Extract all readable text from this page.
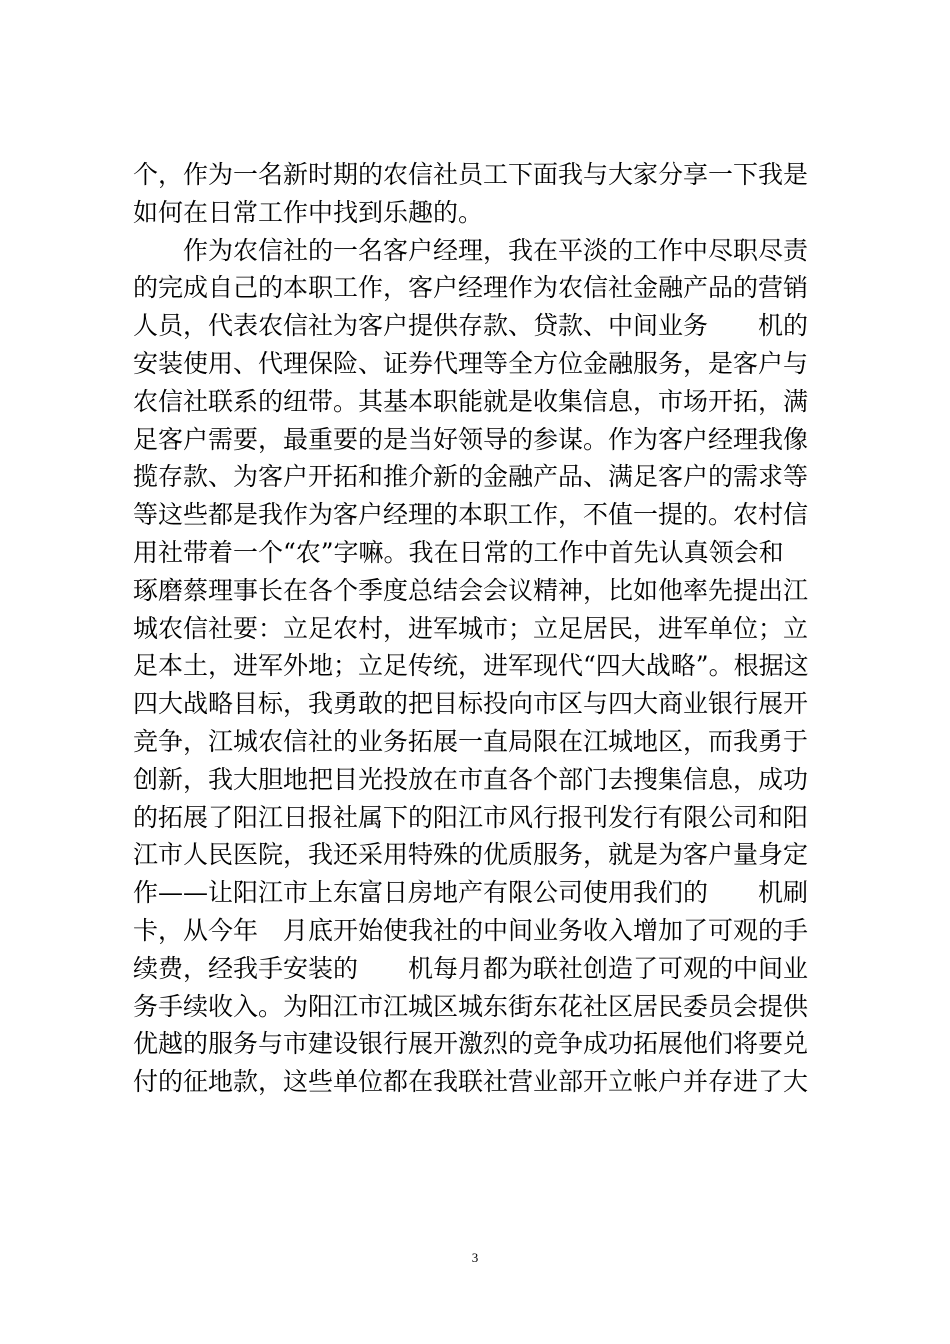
个，作为一名新时期的农信社员工下面我与大家分享一下我是
如何在日常工作中找到乐趣的。
　　作为农信社的一名客户经理，我在平淡的工作中尽职尽责
的完成自己的本职工作，客户经理作为农信社金融产品的营销
人员，代表农信社为客户提供存款、贷款、中间业务　　机的
安装使用、代理保险、证券代理等全方位金融服务，是客户与
农信社联系的纽带。其基本职能就是收集信息，市场开拓，满
足客户需要，最重要的是当好领导的参谋。作为客户经理我像
揽存款、为客户开拓和推介新的金融产品、满足客户的需求等
等这些都是我作为客户经理的本职工作，不值一提的。农村信
用社带着一个“农”字嘛。我在日常的工作中首先认真领会和
琢磨蔡理事长在各个季度总结会会议精神，比如他率先提出江
城农信社要：立足农村，进军城市；立足居民，进军单位；立
足本土，进军外地；立足传统，进军现代“四大战略”。根据这
四大战略目标，我勇敢的把目标投向市区与四大商业银行展开
竞争，江城农信社的业务拓展一直局限在江城地区，而我勇于
创新，我大胆地把目光投放在市直各个部门去搜集信息，成功
的拓展了阳江日报社属下的阳江市风行报刊发行有限公司和阳
江市人民医院，我还采用特殊的优质服务，就是为客户量身定
作——让阳江市上东富日房地产有限公司使用我们的　　机刷
卡，从今年　月底开始使我社的中间业务收入增加了可观的手
续费，经我手安装的　　机每月都为联社创造了可观的中间业
务手续收入。为阳江市江城区城东街东花社区居民委员会提供
优越的服务与市建设银行展开激烈的竞争成功拓展他们将要兑
付的征地款，这些单位都在我联社营业部开立帐户并存进了大
3
